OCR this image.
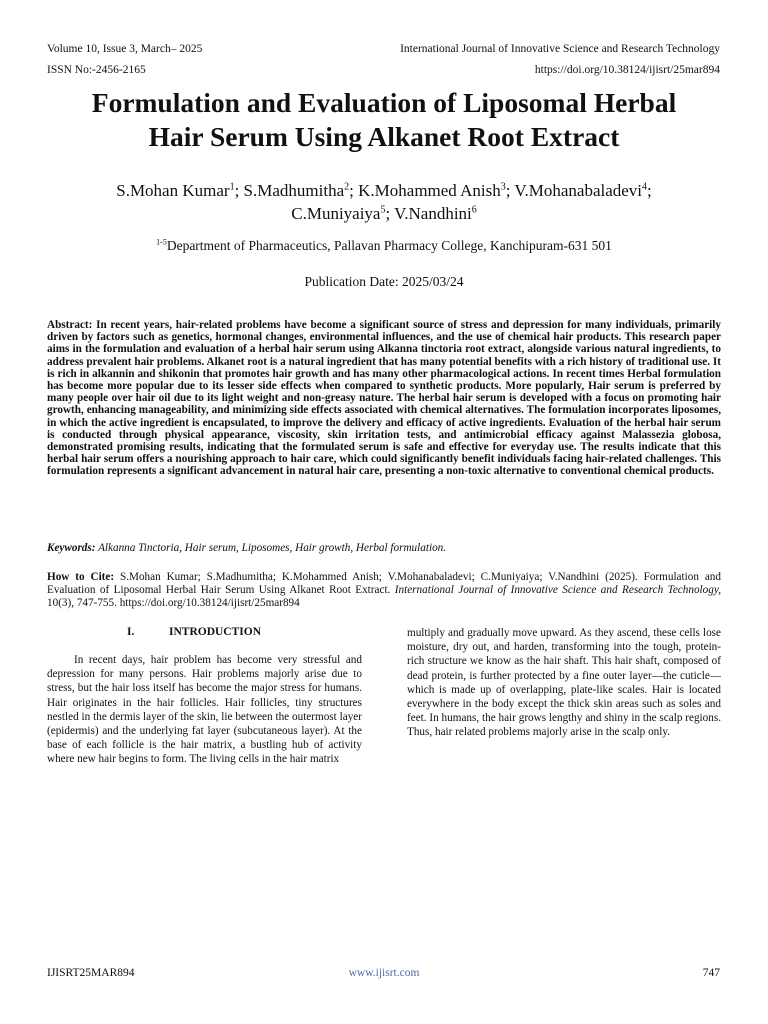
Volume 10, Issue 3, March– 2025
ISSN No:-2456-2165
International Journal of Innovative Science and Research Technology
https://doi.org/10.38124/ijisrt/25mar894
Formulation and Evaluation of Liposomal Herbal
Hair Serum Using Alkanet Root Extract
S.Mohan Kumar$^1$; S.Madhumitha$^2$; K.Mohammed Anish$^3$; V.Mohanabaladevi$^4$;
C.Muniyaiya$^5$; V.Nandhini$^6$
$^{1-5}$Department of Pharmaceutics, Pallavan Pharmacy College, Kanchipuram-631 501
Publication Date: 2025/03/24

Abstract: In recent years, hair-related problems have become a significant source of stress and depression for many individuals, primarily driven by factors such as genetics, hormonal changes, environmental influences, and the use of chemical hair products. This research paper aims in the formulation and evaluation of a herbal hair serum using Alkanna tinctoria root extract, alongside various natural ingredients, to address prevalent hair problems. Alkanet root is a natural ingredient that has many potential benefits with a rich history of traditional use. It is rich in alkannin and shikonin that promotes hair growth and has many other pharmacological actions. In recent times Herbal formulation has become more popular due to its lesser side effects when compared to synthetic products. More popularly, Hair serum is preferred by many people over hair oil due to its light weight and non-greasy nature. The herbal hair serum is developed with a focus on promoting hair growth, enhancing manageability, and minimizing side effects associated with chemical alternatives. The formulation incorporates liposomes, in which the active ingredient is encapsulated, to improve the delivery and efficacy of active ingredients. Evaluation of the herbal hair serum is conducted through physical appearance, viscosity, skin irritation tests, and antimicrobial efficacy against Malassezia globosa, demonstrated promising results, indicating that the formulated serum is safe and effective for everyday use. The results indicate that this herbal hair serum offers a nourishing approach to hair care, which could significantly benefit individuals facing hair-related challenges. This formulation represents a significant advancement in natural hair care, presenting a non-toxic alternative to conventional chemical products.

Keywords: Alkanna Tinctoria, Hair serum, Liposomes, Hair growth, Herbal formulation.

How to Cite: S.Mohan Kumar; S.Madhumitha; K.Mohammed Anish; V.Mohanabaladevi; C.Muniyaiya; V.Nandhini (2025). Formulation and Evaluation of Liposomal Herbal Hair Serum Using Alkanet Root Extract. International Journal of Innovative Science and Research Technology, 10(3), 747-755. https://doi.org/10.38124/ijisrt/25mar894

I.	INTRODUCTION

In recent days, hair problem has become very stressful and depression for many persons. Hair problems majorly arise due to stress, but the hair loss itself has become the major stress for humans. Hair originates in the hair follicles. Hair follicles, tiny structures nestled in the dermis layer of the skin, lie between the outermost layer (epidermis) and the underlying fat layer (subcutaneous layer). At the base of each follicle is the hair matrix, a bustling hub of activity where new hair begins to form. The living cells in the hair matrix

multiply and gradually move upward. As they ascend, these cells lose moisture, dry out, and harden, transforming into the tough, protein-rich structure we know as the hair shaft. This hair shaft, composed of dead protein, is further protected by a fine outer layer—the cuticle—which is made up of overlapping, plate-like scales. Hair is located everywhere in the body except the thick skin areas such as soles and feet. In humans, the hair grows lengthy and shiny in the scalp regions. Thus, hair related problems majorly arise in the scalp only.

IJISRT25MAR894	www.ijisrt.com	747
